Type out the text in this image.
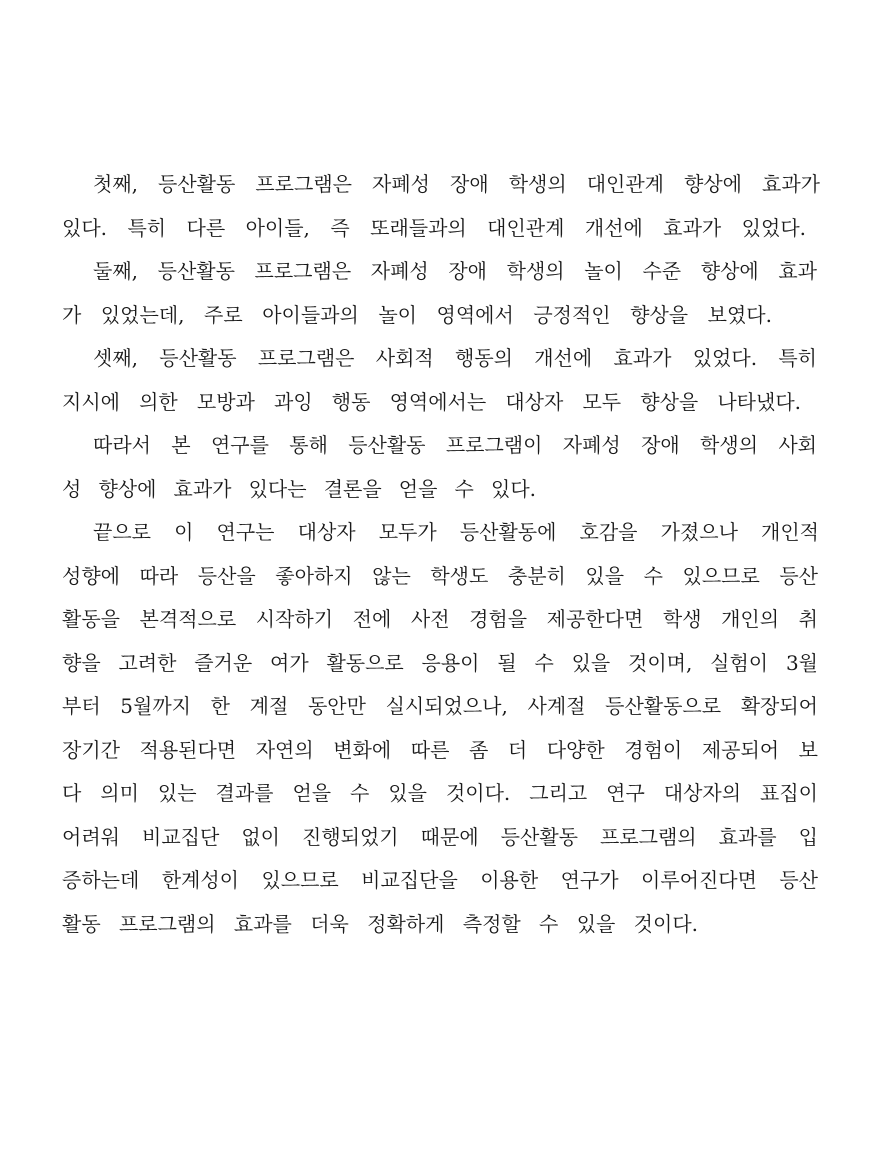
첫째, 등산활동 프로그램은 자폐성 장애 학생의 대인관계 향상에 효과가
있다. 특히 다른 아이들, 즉 또래들과의 대인관계 개선에 효과가 있었다.
둘째, 등산활동 프로그램은 자폐성 장애 학생의 놀이 수준 향상에 효과
가 있었는데, 주로 아이들과의 놀이 영역에서 긍정적인 향상을 보였다.
셋째, 등산활동 프로그램은 사회적 행동의 개선에 효과가 있었다. 특히
지시에 의한 모방과 과잉 행동 영역에서는 대상자 모두 향상을 나타냈다.
따라서 본 연구를 통해 등산활동 프로그램이 자폐성 장애 학생의 사회
성 향상에 효과가 있다는 결론을 얻을 수 있다.
끝으로 이 연구는 대상자 모두가 등산활동에 호감을 가졌으나 개인적
성향에 따라 등산을 좋아하지 않는 학생도 충분히 있을 수 있으므로 등산
활동을 본격적으로 시작하기 전에 사전 경험을 제공한다면 학생 개인의 취
향을 고려한 즐거운 여가 활동으로 응용이 될 수 있을 것이며, 실험이 3월
부터 5월까지 한 계절 동안만 실시되었으나, 사계절 등산활동으로 확장되어
장기간 적용된다면 자연의 변화에 따른 좀 더 다양한 경험이 제공되어 보
다 의미 있는 결과를 얻을 수 있을 것이다. 그리고 연구 대상자의 표집이
어려워 비교집단 없이 진행되었기 때문에 등산활동 프로그램의 효과를 입
증하는데 한계성이 있으므로 비교집단을 이용한 연구가 이루어진다면 등산
활동 프로그램의 효과를 더욱 정확하게 측정할 수 있을 것이다.
